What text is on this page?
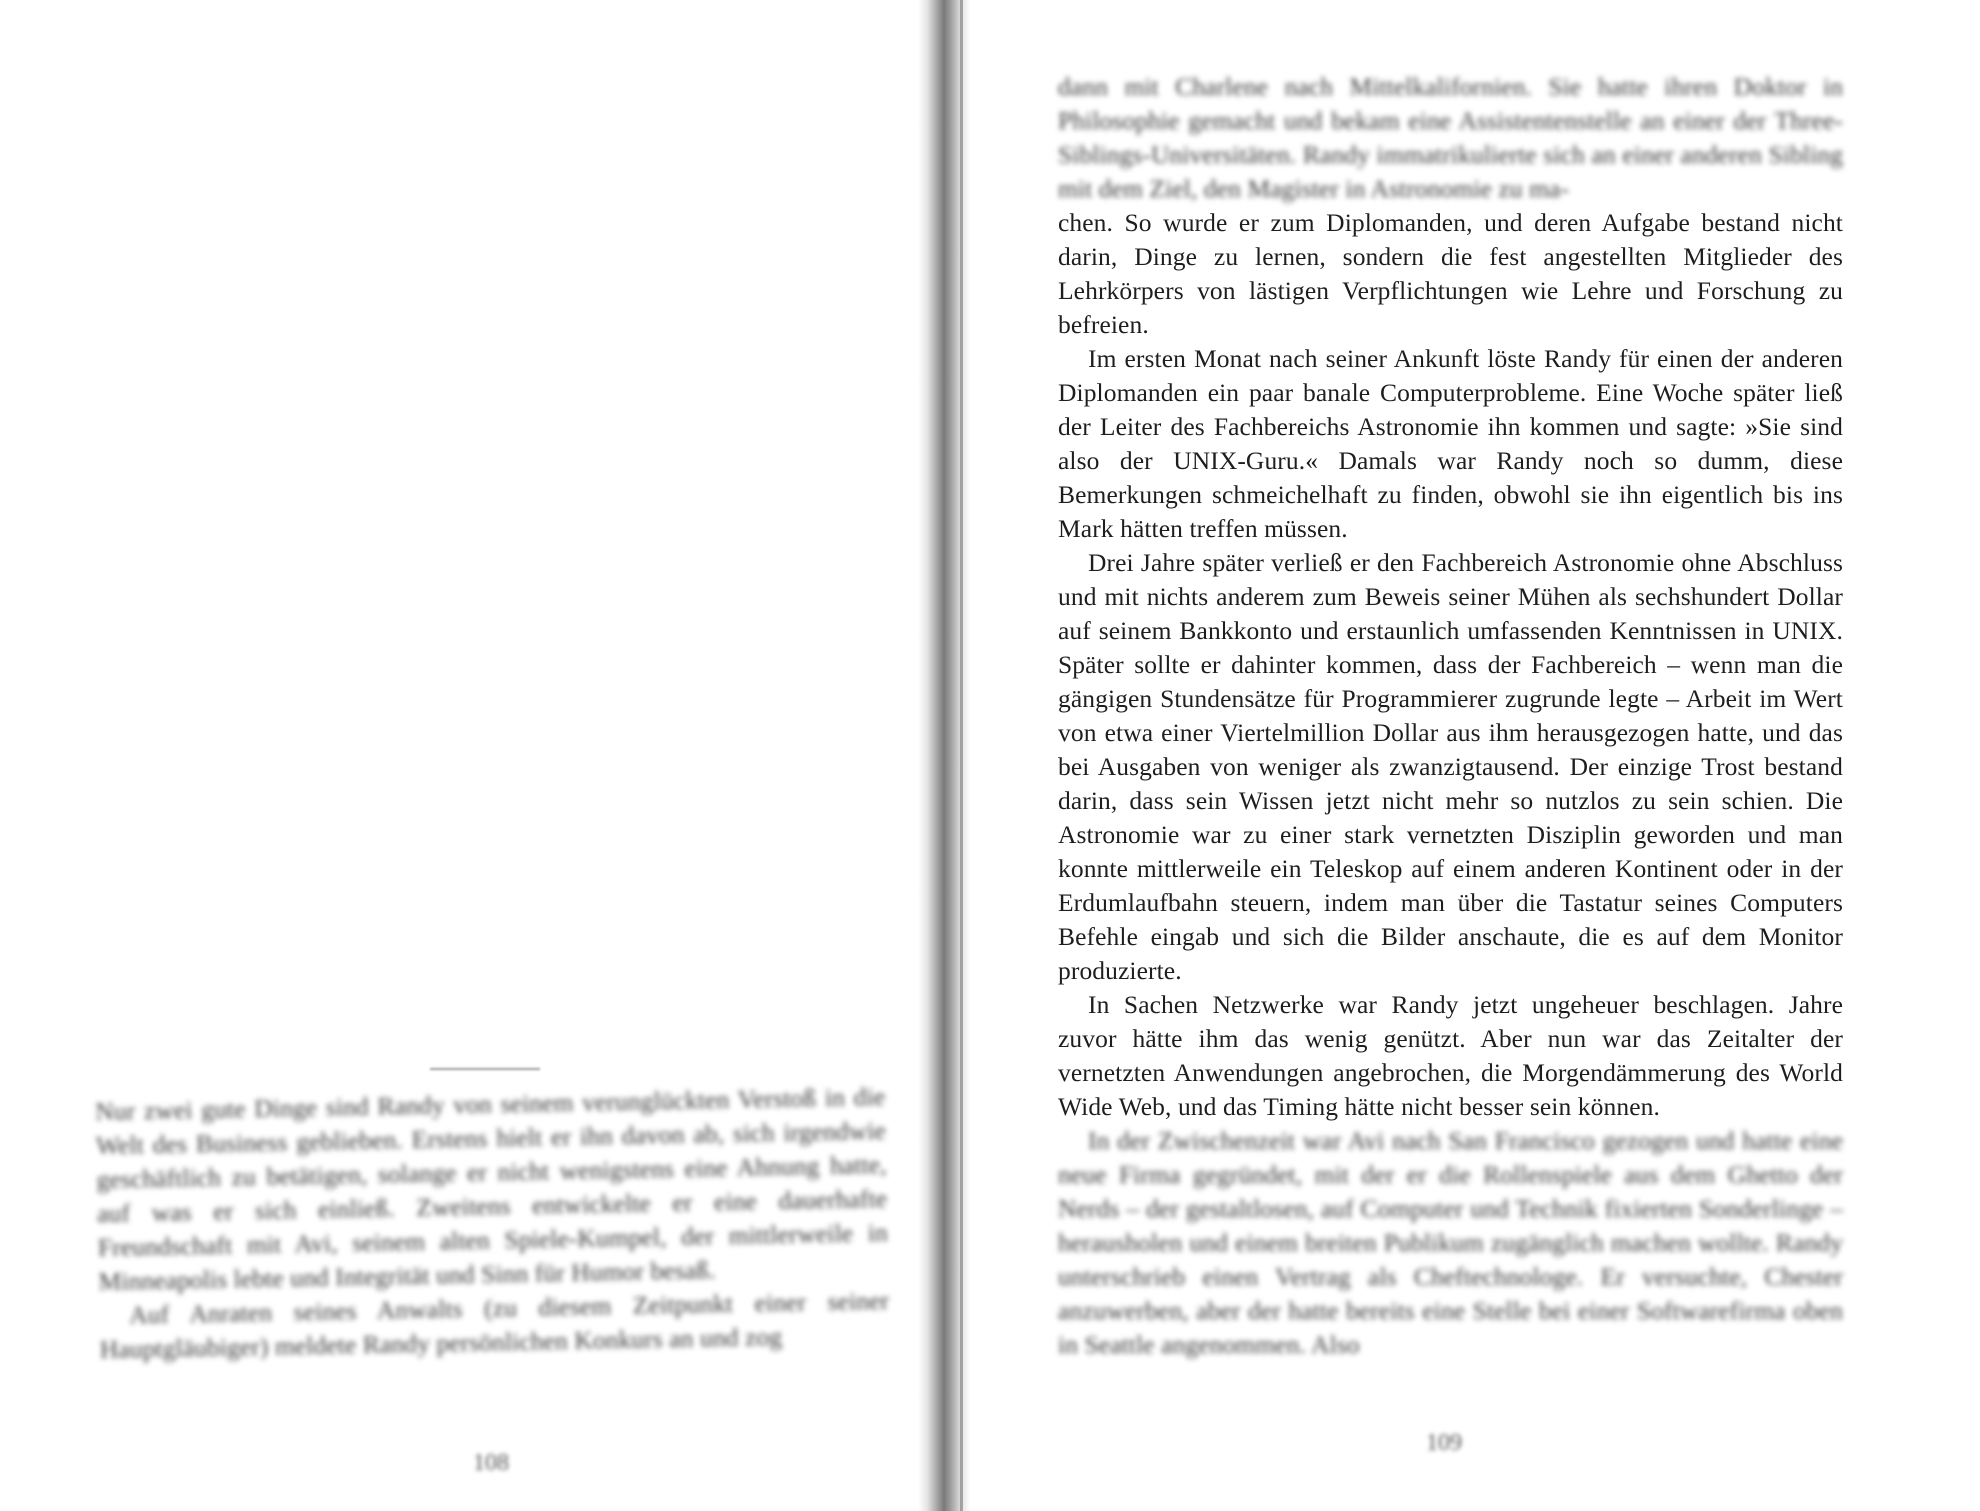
Nur zwei gute Dinge sind Randy von seinem verunglückten Verstoß in die Welt des Business geblieben. Erstens hielt er ihn davon ab, sich irgendwie geschäftlich zu betätigen, solange er nicht wenigstens eine Ahnung hatte, auf was er sich einließ. Zweitens entwickelte er eine dauerhafte Freundschaft mit Avi, seinem alten Spiele-Kumpel, der mittlerweile in Minneapolis lebte und Integrität und Sinn für Humor besaß.

Auf Anraten seines Anwalts (zu diesem Zeitpunkt einer seiner Hauptgläubiger) meldete Randy persönlichen Konkurs an und zog

108

dann mit Charlene nach Mittelkalifornien. Sie hatte ihren Doktor in Philosophie gemacht und bekam eine Assistentenstelle an einer der Three-Siblings-Universitäten. Randy immatrikulierte sich an einer anderen Sibling mit dem Ziel, den Magister in Astronomie zu ma-

chen. So wurde er zum Diplomanden, und deren Aufgabe bestand nicht darin, Dinge zu lernen, sondern die fest angestellten Mitglieder des Lehrkörpers von lästigen Verpflichtungen wie Lehre und Forschung zu befreien.

Im ersten Monat nach seiner Ankunft löste Randy für einen der anderen Diplomanden ein paar banale Computerprobleme. Eine Woche später ließ der Leiter des Fachbereichs Astronomie ihn kommen und sagte: »Sie sind also der UNIX-Guru.« Damals war Randy noch so dumm, diese Bemerkungen schmeichelhaft zu finden, obwohl sie ihn eigentlich bis ins Mark hätten treffen müssen.

Drei Jahre später verließ er den Fachbereich Astronomie ohne Abschluss und mit nichts anderem zum Beweis seiner Mühen als sechshundert Dollar auf seinem Bankkonto und erstaunlich umfassenden Kenntnissen in UNIX. Später sollte er dahinter kommen, dass der Fachbereich – wenn man die gängigen Stundensätze für Programmierer zugrunde legte – Arbeit im Wert von etwa einer Viertelmillion Dollar aus ihm herausgezogen hatte, und das bei Ausgaben von weniger als zwanzigtausend. Der einzige Trost bestand darin, dass sein Wissen jetzt nicht mehr so nutzlos zu sein schien. Die Astronomie war zu einer stark vernetzten Disziplin geworden und man konnte mittlerweile ein Teleskop auf einem anderen Kontinent oder in der Erdumlaufbahn steuern, indem man über die Tastatur seines Computers Befehle eingab und sich die Bilder anschaute, die es auf dem Monitor produzierte.

In Sachen Netzwerke war Randy jetzt ungeheuer beschlagen. Jahre zuvor hätte ihm das wenig genützt. Aber nun war das Zeitalter der vernetzten Anwendungen angebrochen, die Morgendämmerung des World Wide Web, und das Timing hätte nicht besser sein können.

In der Zwischenzeit war Avi nach San Francisco gezogen und hatte eine neue Firma gegründet, mit der er die Rollenspiele aus dem Ghetto der Nerds – der gestaltlosen, auf Computer und Technik fixierten Sonderlinge – herausholen und einem breiten Publikum zugänglich machen wollte. Randy unterschrieb einen Vertrag als Cheftechnologe. Er versuchte, Chester anzuwerben, aber der hatte bereits eine Stelle bei einer Softwarefirma oben in Seattle angenommen. Also

109
